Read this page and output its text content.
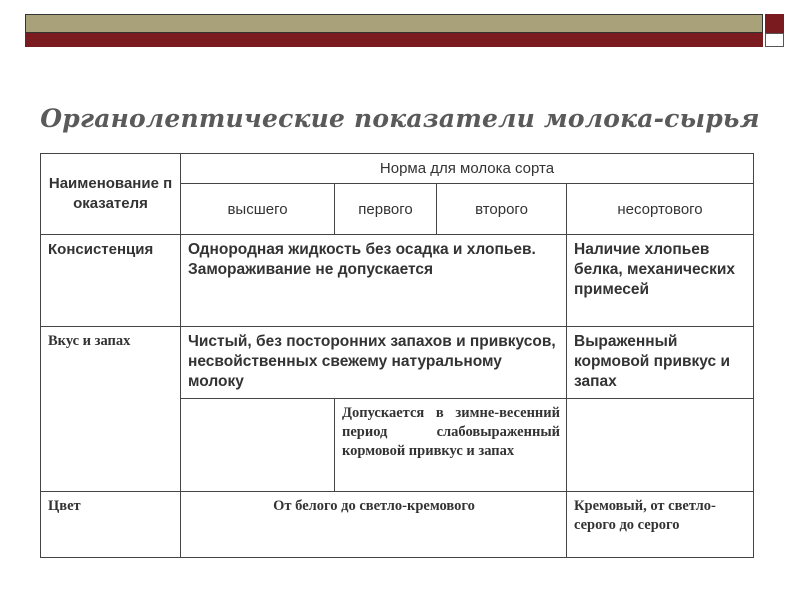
Органолептические показатели молока-сырья
Наименование показателя	Норма для молока сорта			
	высшего	первого	второго	несортового
Консистенция	Однородная жидкость без осадка и хлопьев. Замораживание не допускается			Наличие хлопьев белка, механических примесей
Вкус и запах	Чистый, без посторонних запахов и привкусов, несвойственных свежему натуральному молоку			Выраженный кормовой привкус и запах
		Допускается в зимне-весенний период слабовыраженный кормовой привкус и запах		
Цвет	От белого до светло-кремового			Кремовый, от светло-серого до серого
